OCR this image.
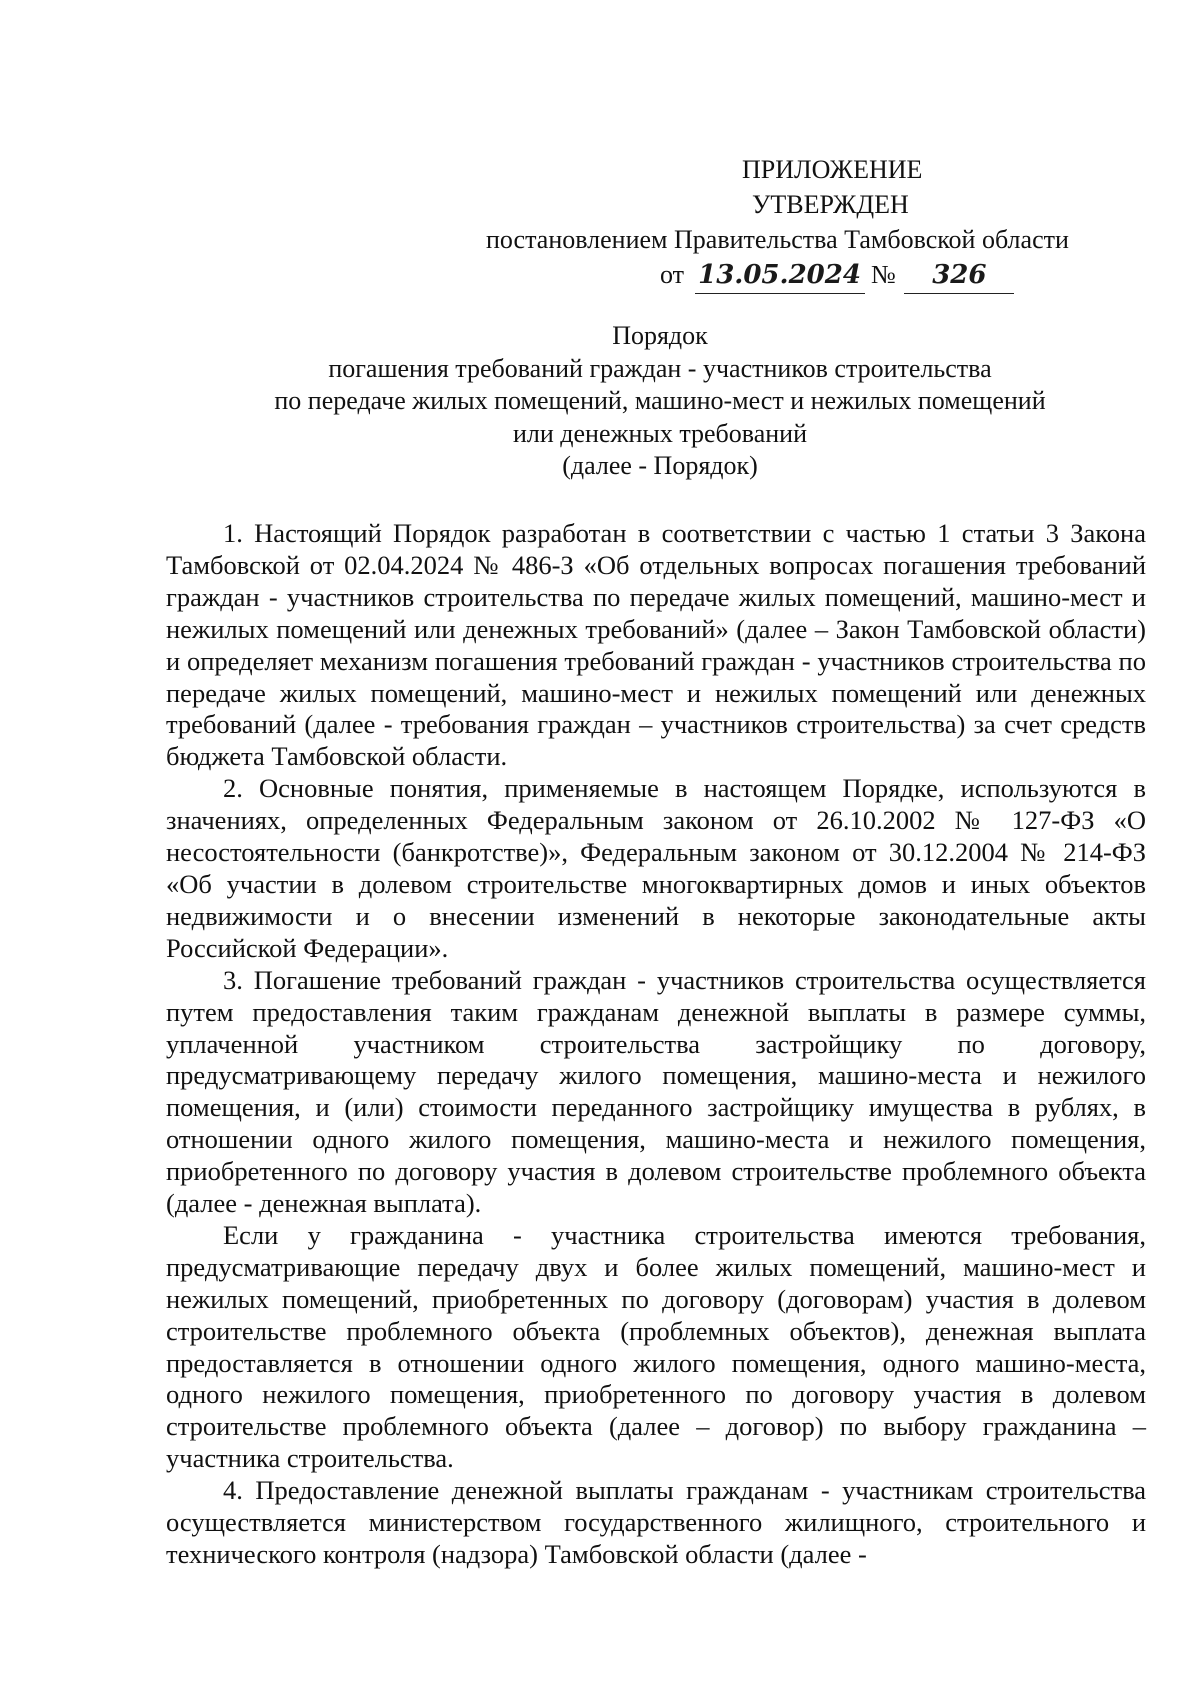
ПРИЛОЖЕНИЕ
УТВЕРЖДЕН
постановлением Правительства Тамбовской области
от 13.05.2024 № 326
Порядок
погашения требований граждан - участников строительства
по передаче жилых помещений, машино-мест и нежилых помещений
или денежных требований
(далее - Порядок)

1. Настоящий Порядок разработан в соответствии с частью 1 статьи 3 Закона Тамбовской от 02.04.2024 № 486-З «Об отдельных вопросах погашения требований граждан - участников строительства по передаче жилых помещений, машино-мест и нежилых помещений или денежных требований» (далее – Закон Тамбовской области) и определяет механизм погашения требований граждан - участников строительства по передаче жилых помещений, машино-мест и нежилых помещений или денежных требований (далее - требования граждан – участников строительства) за счет средств бюджета Тамбовской области.

2. Основные понятия, применяемые в настоящем Порядке, используются в значениях, определенных Федеральным законом от 26.10.2002 № 127-ФЗ «О несостоятельности (банкротстве)», Федеральным законом от 30.12.2004 № 214-ФЗ «Об участии в долевом строительстве многоквартирных домов и иных объектов недвижимости и о внесении изменений в некоторые законодательные акты Российской Федерации».

3. Погашение требований граждан - участников строительства осуществляется путем предоставления таким гражданам денежной выплаты в размере суммы, уплаченной участником строительства застройщику по договору, предусматривающему передачу жилого помещения, машино-места и нежилого помещения, и (или) стоимости переданного застройщику имущества в рублях, в отношении одного жилого помещения, машино-места и нежилого помещения, приобретенного по договору участия в долевом строительстве проблемного объекта (далее - денежная выплата).

Если у гражданина - участника строительства имеются требования, предусматривающие передачу двух и более жилых помещений, машино-мест и нежилых помещений, приобретенных по договору (договорам) участия в долевом строительстве проблемного объекта (проблемных объектов), денежная выплата предоставляется в отношении одного жилого помещения, одного машино-места, одного нежилого помещения, приобретенного по договору участия в долевом строительстве проблемного объекта (далее – договор) по выбору гражданина – участника строительства.

4. Предоставление денежной выплаты гражданам - участникам строительства осуществляется министерством государственного жилищного, строительного и технического контроля (надзора) Тамбовской области (далее -
